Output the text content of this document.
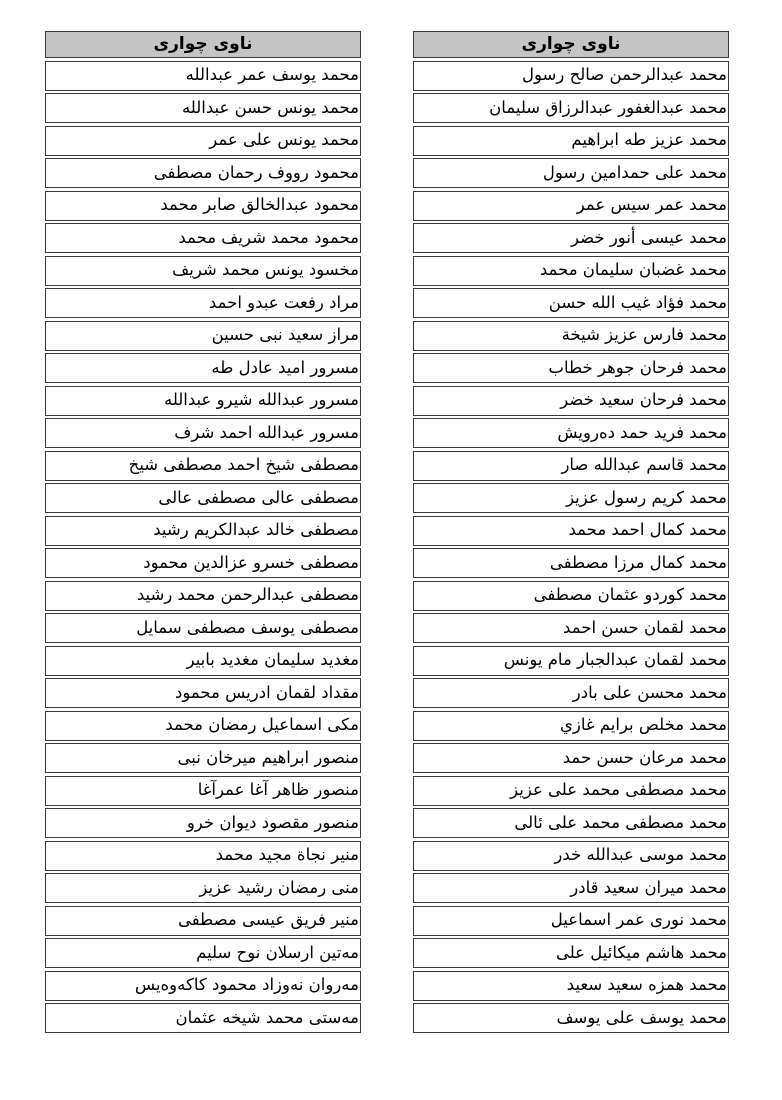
ناوی چواری
محمد عبدالرحمن صالح رسول
محمد عبدالغفور عبدالرزاق سليمان
محمد عزيز طه ابراهيم
محمد على حمدامين رسول
محمد عمر سيس عمر
محمد عيسى أنور خضر
محمد غضبان سليمان محمد
محمد فؤاد غيب الله حسن
محمد فارس عزيز شيخة
محمد فرحان جوهر خطاب
محمد فرحان سعيد خضر
محمد فريد حمد ده‌رويش
محمد قاسم عبدالله صار
محمد كريم رسول عزيز
محمد كمال احمد محمد
محمد كمال مرزا مصطفى
محمد كوردو عثمان مصطفى
محمد لقمان حسن احمد
محمد لقمان عبدالجبار مام يونس
محمد محسن على بادر
محمد مخلص برايم غازي
محمد مرعان حسن حمد
محمد مصطفى محمد على عزيز
محمد مصطفى محمد على ئالى
محمد موسى عبدالله خدر
محمد ميران سعيد قادر
محمد نورى عمر اسماعيل
محمد هاشم ميكائيل على
محمد همزه سعيد سعيد
محمد يوسف على يوسف
ناوی چواری
محمد يوسف عمر عبدالله
محمد يونس حسن عبدالله
محمد يونس على عمر
محمود رووف رحمان مصطفى
محمود عبدالخالق صابر محمد
محمود محمد شريف محمد
مخسود يونس محمد شريف
مراد رفعت عبدو احمد
مراز سعيد نبى حسين
مسرور اميد عادل طه
مسرور عبدالله شيرو عبدالله
مسرور عبدالله احمد شرف
مصطفى شيخ احمد مصطفى شيخ
مصطفى عالى مصطفى عالى
مصطفى خالد عبدالكريم رشيد
مصطفى خسرو عزالدين محمود
مصطفى عبدالرحمن محمد رشيد
مصطفى يوسف مصطفى سمايل
مغديد سليمان مغديد بابير
مقداد لقمان ادريس محمود
مكى اسماعيل رمضان محمد
منصور ابراهيم ميرخان نبى
منصور ظاهر آغا عمرآغا
منصور مقصود ديوان خرو
منير نجاة مجيد محمد
منى رمضان رشيد عزيز
منير فريق عيسى مصطفى
مه‌تين ارسلان نوح سليم
مه‌روان نه‌وزاد محمود كاكه‌وه‌يس
مه‌ستى محمد شيخه عثمان
